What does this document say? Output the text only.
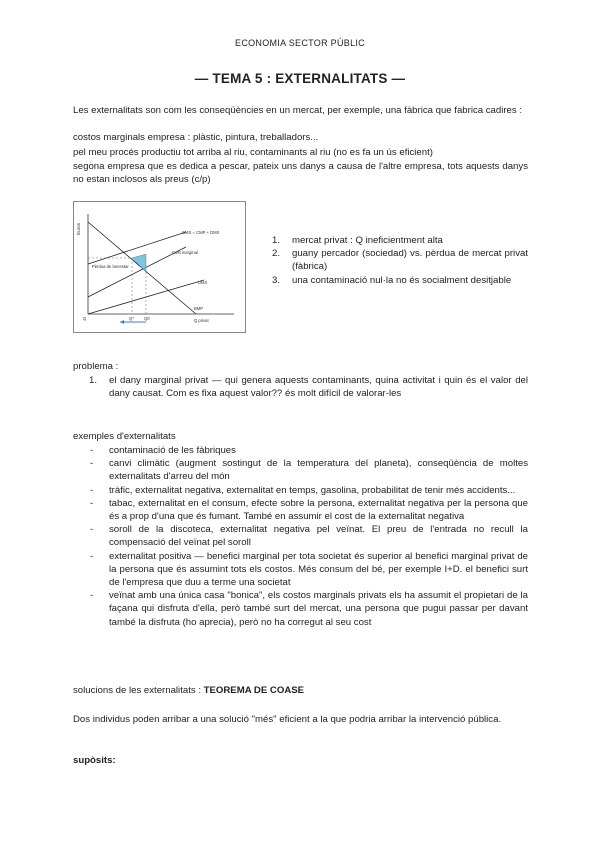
ECONOMIA SECTOR PÚBLIC
— TEMA 5 : EXTERNALITATS —
Les externalitats son com les conseqüències en un mercat, per exemple, una fàbrica que fabrica cadires :
costos marginals empresa : plàstic, pintura, treballadors...
pel meu procés productiu tot arriba al riu, contaminants al riu (no es fa un ús eficient)
segona empresa que es dedica a pescar, pateix uns danys a causa de l'altre empresa, tots aquests danys no estan inclosos als preus (c/p)
Euros	CMS = CMP + DMX
Cost marginal
DMX
BMP
Q privat
Q	Q* Q0
Pèrdua de benestar
1. mercat privat : Q ineficientment alta
2. guany percador (sociedad) vs. pèrdua de mercat privat (fàbrica)
3. una contaminació nul·la no és socialment desitjable
problema :
1. el dany marginal privat — qui genera aquests contaminants, quina activitat i quin és el valor del dany causat. Com es fixa aquest valor?? és molt difícil de valorar-les
exemples d'externalitats
- contaminació de les fàbriques
- canvi climàtic (augment sostingut de la temperatura del planeta), conseqüència de moltes externalitats d'arreu del món
- tràfic, externalitat negativa, externalitat en temps, gasolina, probabilitat de tenir més accidents...
- tabac, externalitat en el consum, efecte sobre la persona, externalitat negativa per la persona que és a prop d'una que és fumant. També en assumir el cost de la externalitat negativa
- soroll de la discoteca, externalitat negativa pel veïnat. El preu de l'entrada no recull la compensació del veïnat pel soroll
- externalitat positiva — benefici marginal per tota societat és superior al benefici marginal privat de la persona que és assumint tots els costos. Més consum del bé, per exemple I+D. el benefici surt de l'empresa que duu a terme una societat
- veïnat amb una única casa "bonica", els costos marginals privats els ha assumit el propietari de la façana qui disfruta d'ella, però també surt del mercat, una persona que pugui passar per davant també la disfruta (ho aprecia), però no ha corregut al seu cost
solucions de les externalitats : TEOREMA DE COASE
Dos individus poden arribar a una solució "més" eficient a la que podria arribar la intervenció pública.
supòsits:
